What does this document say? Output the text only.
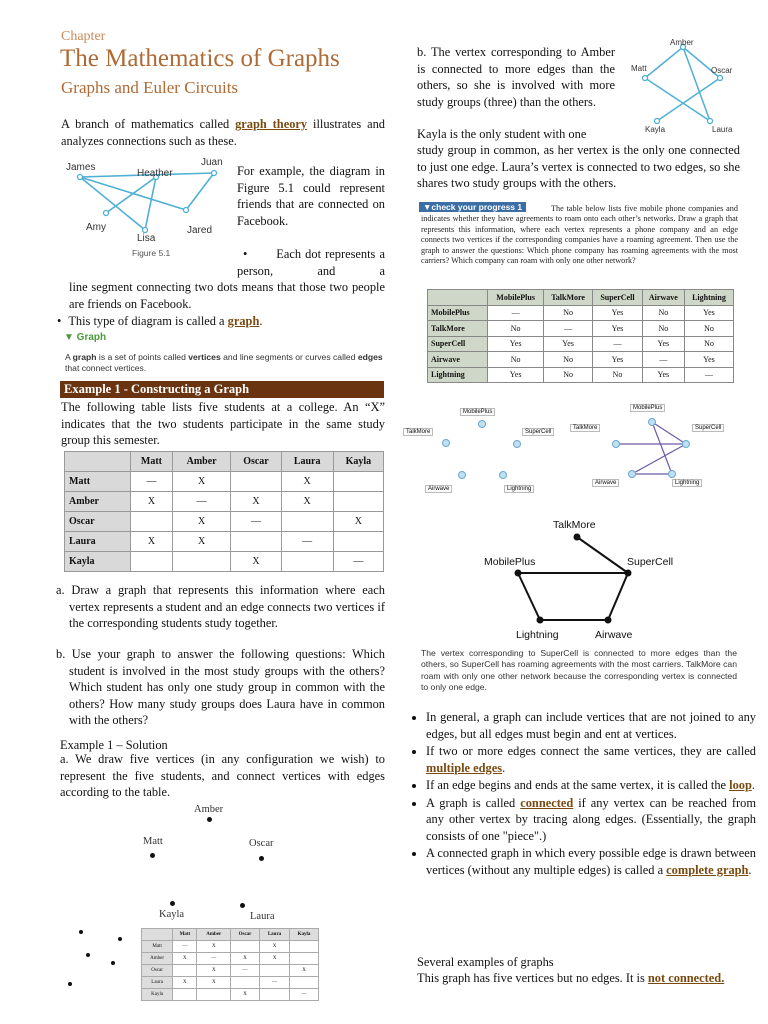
Chapter
The Mathematics of Graphs
Graphs and Euler Circuits

A branch of mathematics called graph theory illustrates and analyzes connections such as these.

James
Heather
Juan
Amy
Lisa
Jared
Figure 5.1

For example, the diagram in Figure 5.1 could represent friends that are connected on Facebook.

• Each dot represents a person, and a

line segment connecting two dots means that those two people are friends on Facebook.

• This type of diagram is called a graph.
▼ Graph

A graph is a set of points called vertices and line segments or curves called edges that connect vertices.

Example 1 - Constructing a Graph

The following table lists five students at a college. An “X” indicates that the two students participate in the same study group this semester.

	Matt	Amber	Oscar	Laura	Kayla
Matt	—	X		X	
Amber	X	—	X	X	
Oscar		X	—		X
Laura	X	X		—	
Kayla			X		—

a. Draw a graph that represents this information where each vertex represents a student and an edge connects two vertices if the corresponding students study together.

b. Use your graph to answer the following questions: Which student is involved in the most study groups with the others? Which student has only one study group in common with the others? How many study groups does Laura have in common with the others?

Example 1 – Solution

a. We draw five vertices (in any configuration we wish) to represent the five students, and connect vertices with edges according to the table.

Amber
Matt	Oscar
Kayla	Laura
	Matt	Amber	Oscar	Laura	Kayla
Matt	—	X		X	
Amber	X	—	X	X	
Oscar		X	—		X
Laura	X	X		—	
Kayla			X		—

b. The vertex corresponding to Amber is connected to more edges than the others, so she is involved with more study groups (three) than the others.

Kayla is the only student with one

study group in common, as her vertex is the only one connected to just one edge. Laura’s vertex is connected to two edges, so she shares two study groups with the others.

Amber
Matt	Oscar
Kayla	Laura
▼check your progress 1	The table below lists five mobile phone companies and indicates whether they have agreements to roam onto each other’s networks. Draw a graph that represents this information, where each vertex represents a phone company and an edge connects two vertices if the corresponding companies have a roaming agreement. Then use the graph to answer the questions: Which phone company has roaming agreements with the most carriers? Which company can roam with only one other network?

	MobilePlus	TalkMore	SuperCell	Airwave	Lightning
MobilePlus	—	No	Yes	No	Yes
TalkMore	No	—	Yes	No	No
SuperCell	Yes	Yes	—	Yes	No
Airwave	No	No	Yes	—	Yes
Lightning	Yes	No	No	Yes	—
MobilePlus
TalkMore	SuperCell
Airwave	Lightning
MobilePlus
TalkMore	SuperCell
Airwave	Lightning
TalkMore
MobilePlus	SuperCell
Lightning	Airwave

The vertex corresponding to SuperCell is connected to more edges than the others, so SuperCell has roaming agreements with the most carriers. TalkMore can roam with only one other network because the corresponding vertex is connected to only one edge.

• In general, a graph can include vertices that are not joined to any edges, but all edges must begin and ent at vertices.
• If two or more edges connect the same vertices, they are called multiple edges.
• If an edge begins and ends at the same vertex, it is called the loop.
• A graph is called connected if any vertex can be reached from any other vertex by tracing along edges. (Essentially, the graph consists of one "piece".)
• A connected graph in which every possible edge is drawn between vertices (without any multiple edges) is called a complete graph.
Several examples of graphs

This graph has five vertices but no edges. It is not connected.
